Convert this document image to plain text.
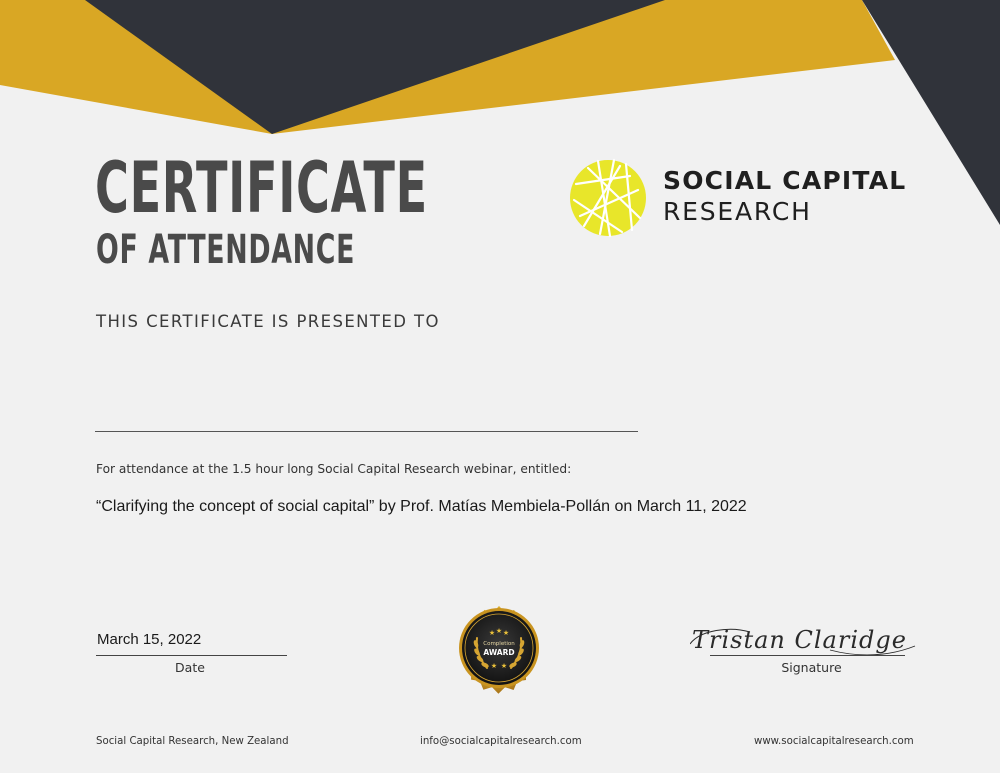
CERTIFICATE
OF ATTENDANCE
SOCIAL CAPITAL
RESEARCH
THIS CERTIFICATE IS PRESENTED TO
For attendance at the 1.5 hour long Social Capital Research webinar, entitled:
“Clarifying the concept of social capital” by Prof. Matías Membiela-Pollán on March 11, 2022
March 15, 2022
Date
★ ★ ★
★ ★
Completion
AWARD	Tristan Claridge
Signature
Social Capital Research, New Zealand	info@socialcapitalresearch.com	www.socialcapitalresearch.com
